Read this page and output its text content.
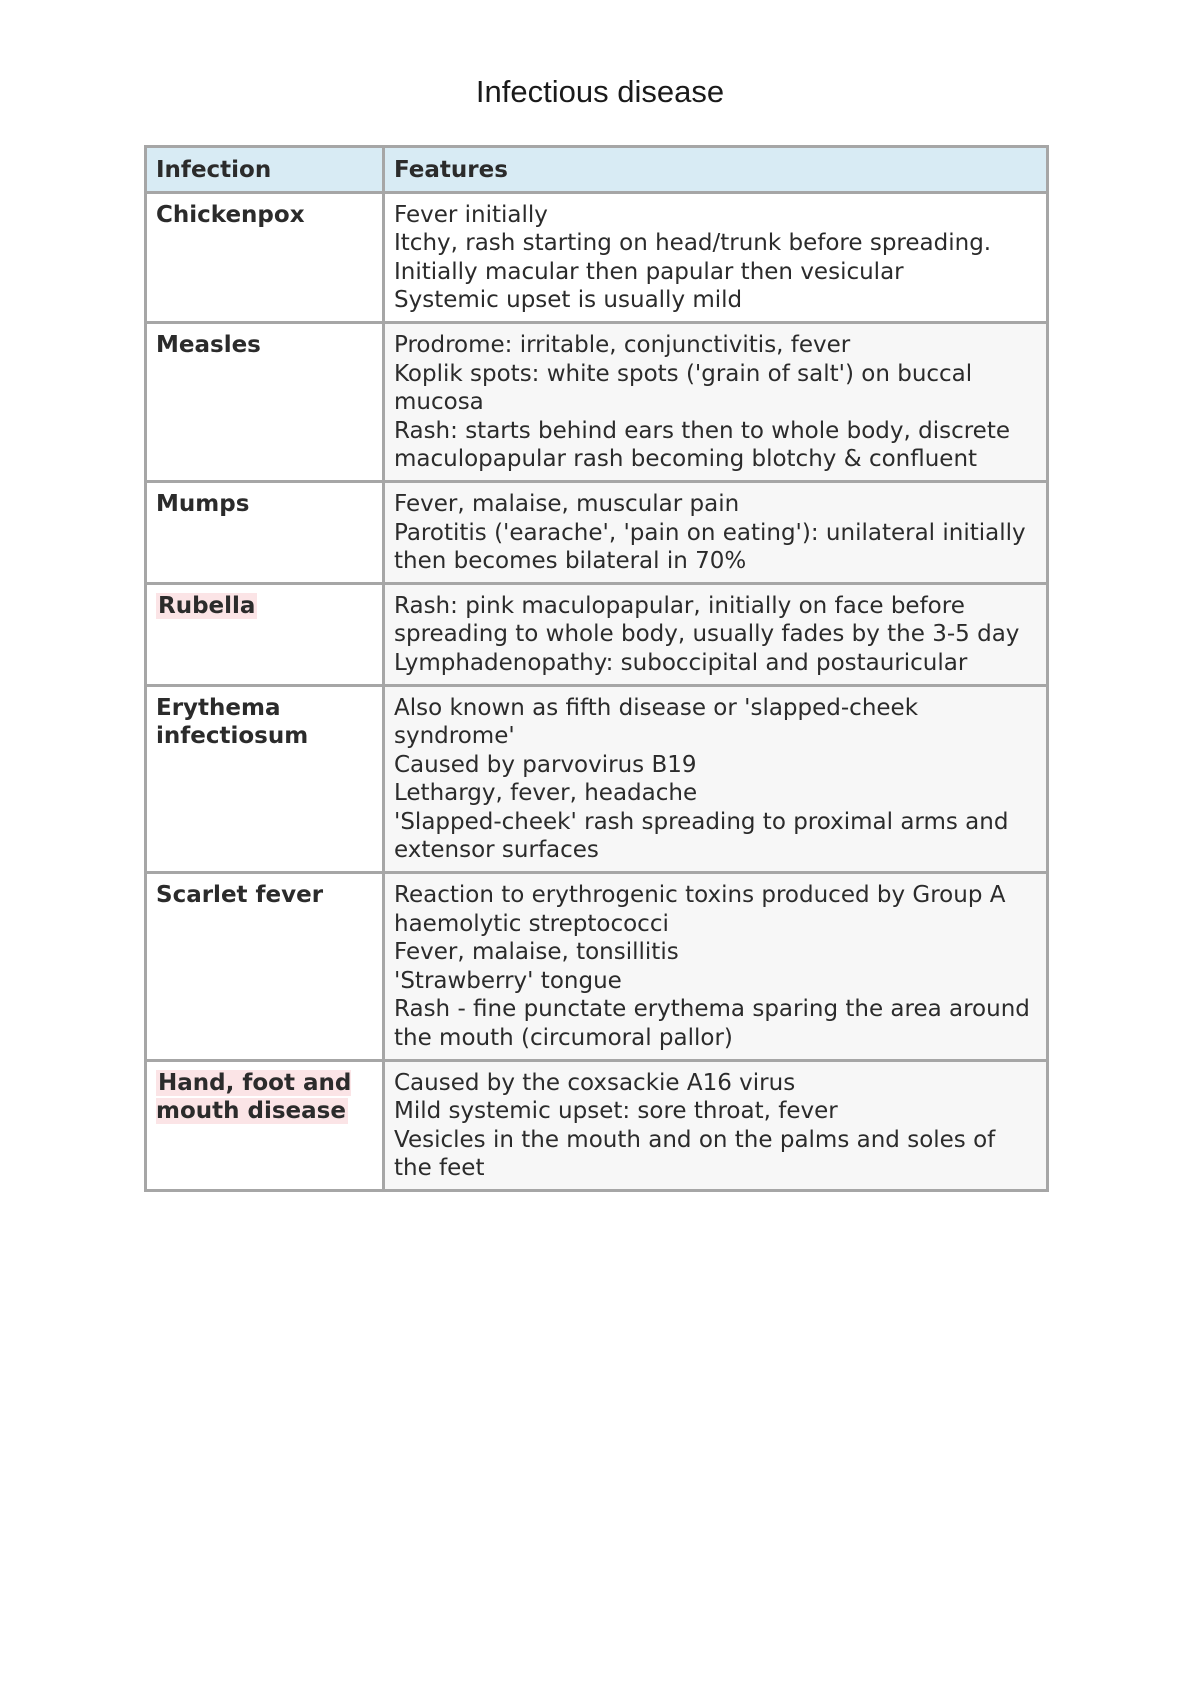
Infectious disease
Infection	Features
Chickenpox	Fever initially
Itchy, rash starting on head/trunk before spreading.
Initially macular then papular then vesicular
Systemic upset is usually mild

Measles	Prodrome: irritable, conjunctivitis, fever
Koplik spots: white spots ('grain of salt') on buccal mucosa
Rash: starts behind ears then to whole body, discrete maculopapular rash becoming blotchy & confluent

Mumps	Fever, malaise, muscular pain
Parotitis ('earache', 'pain on eating'): unilateral initially then becomes bilateral in 70%

Rubella	Rash: pink maculopapular, initially on face before spreading to whole body, usually fades by the 3-5 day
Lymphadenopathy: suboccipital and postauricular

Erythema infectiosum	Also known as fifth disease or 'slapped-cheek syndrome'
Caused by parvovirus B19
Lethargy, fever, headache
'Slapped-cheek' rash spreading to proximal arms and extensor surfaces

Scarlet fever	Reaction to erythrogenic toxins produced by Group A haemolytic streptococci
Fever, malaise, tonsillitis
'Strawberry' tongue
Rash - fine punctate erythema sparing the area around the mouth (circumoral pallor)

Hand, foot and mouth disease	Caused by the coxsackie A16 virus
Mild systemic upset: sore throat, fever
Vesicles in the mouth and on the palms and soles of the feet
